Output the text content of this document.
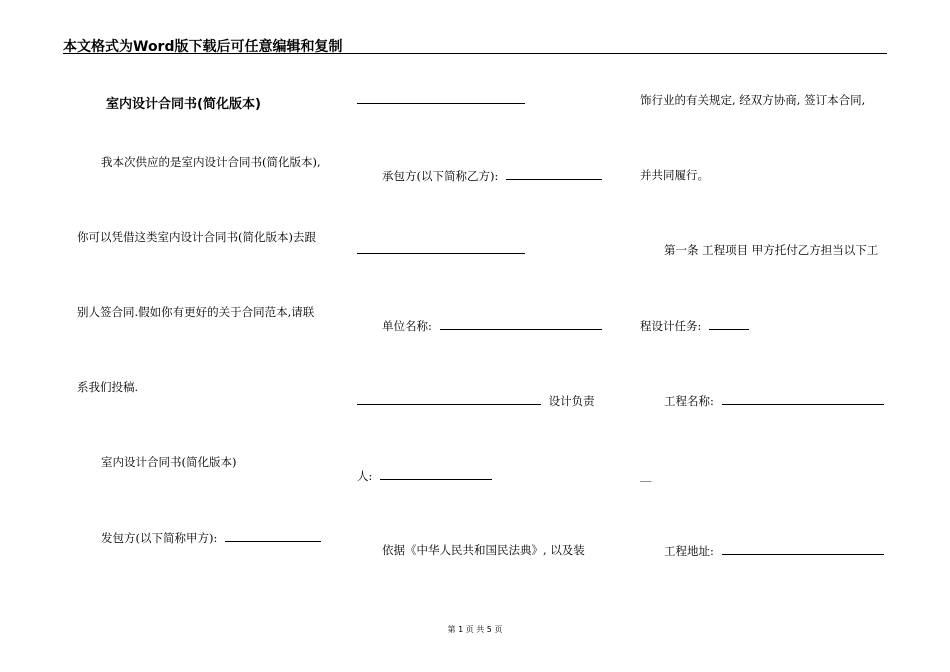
本文格式为Word版下载后可任意编辑和复制
室内设计合同书(简化版本)
我本次供应的是室内设计合同书(简化版本),
你可以凭借这类室内设计合同书(简化版本)去跟
别人签合同.假如你有更好的关于合同范本,请联
系我们投稿.
室内设计合同书(简化版本)
发包方(以下简称甲方):
承包方(以下简称乙方):
单位名称:
设计负责
人:
依据《中华人民共和国民法典》, 以及装
饰行业的有关规定, 经双方协商, 签订本合同,
并共同履行。
第一条 工程项目 甲方托付乙方担当以下工
程设计任务:
工程名称:
__
工程地址:
第 1 页 共 5 页
